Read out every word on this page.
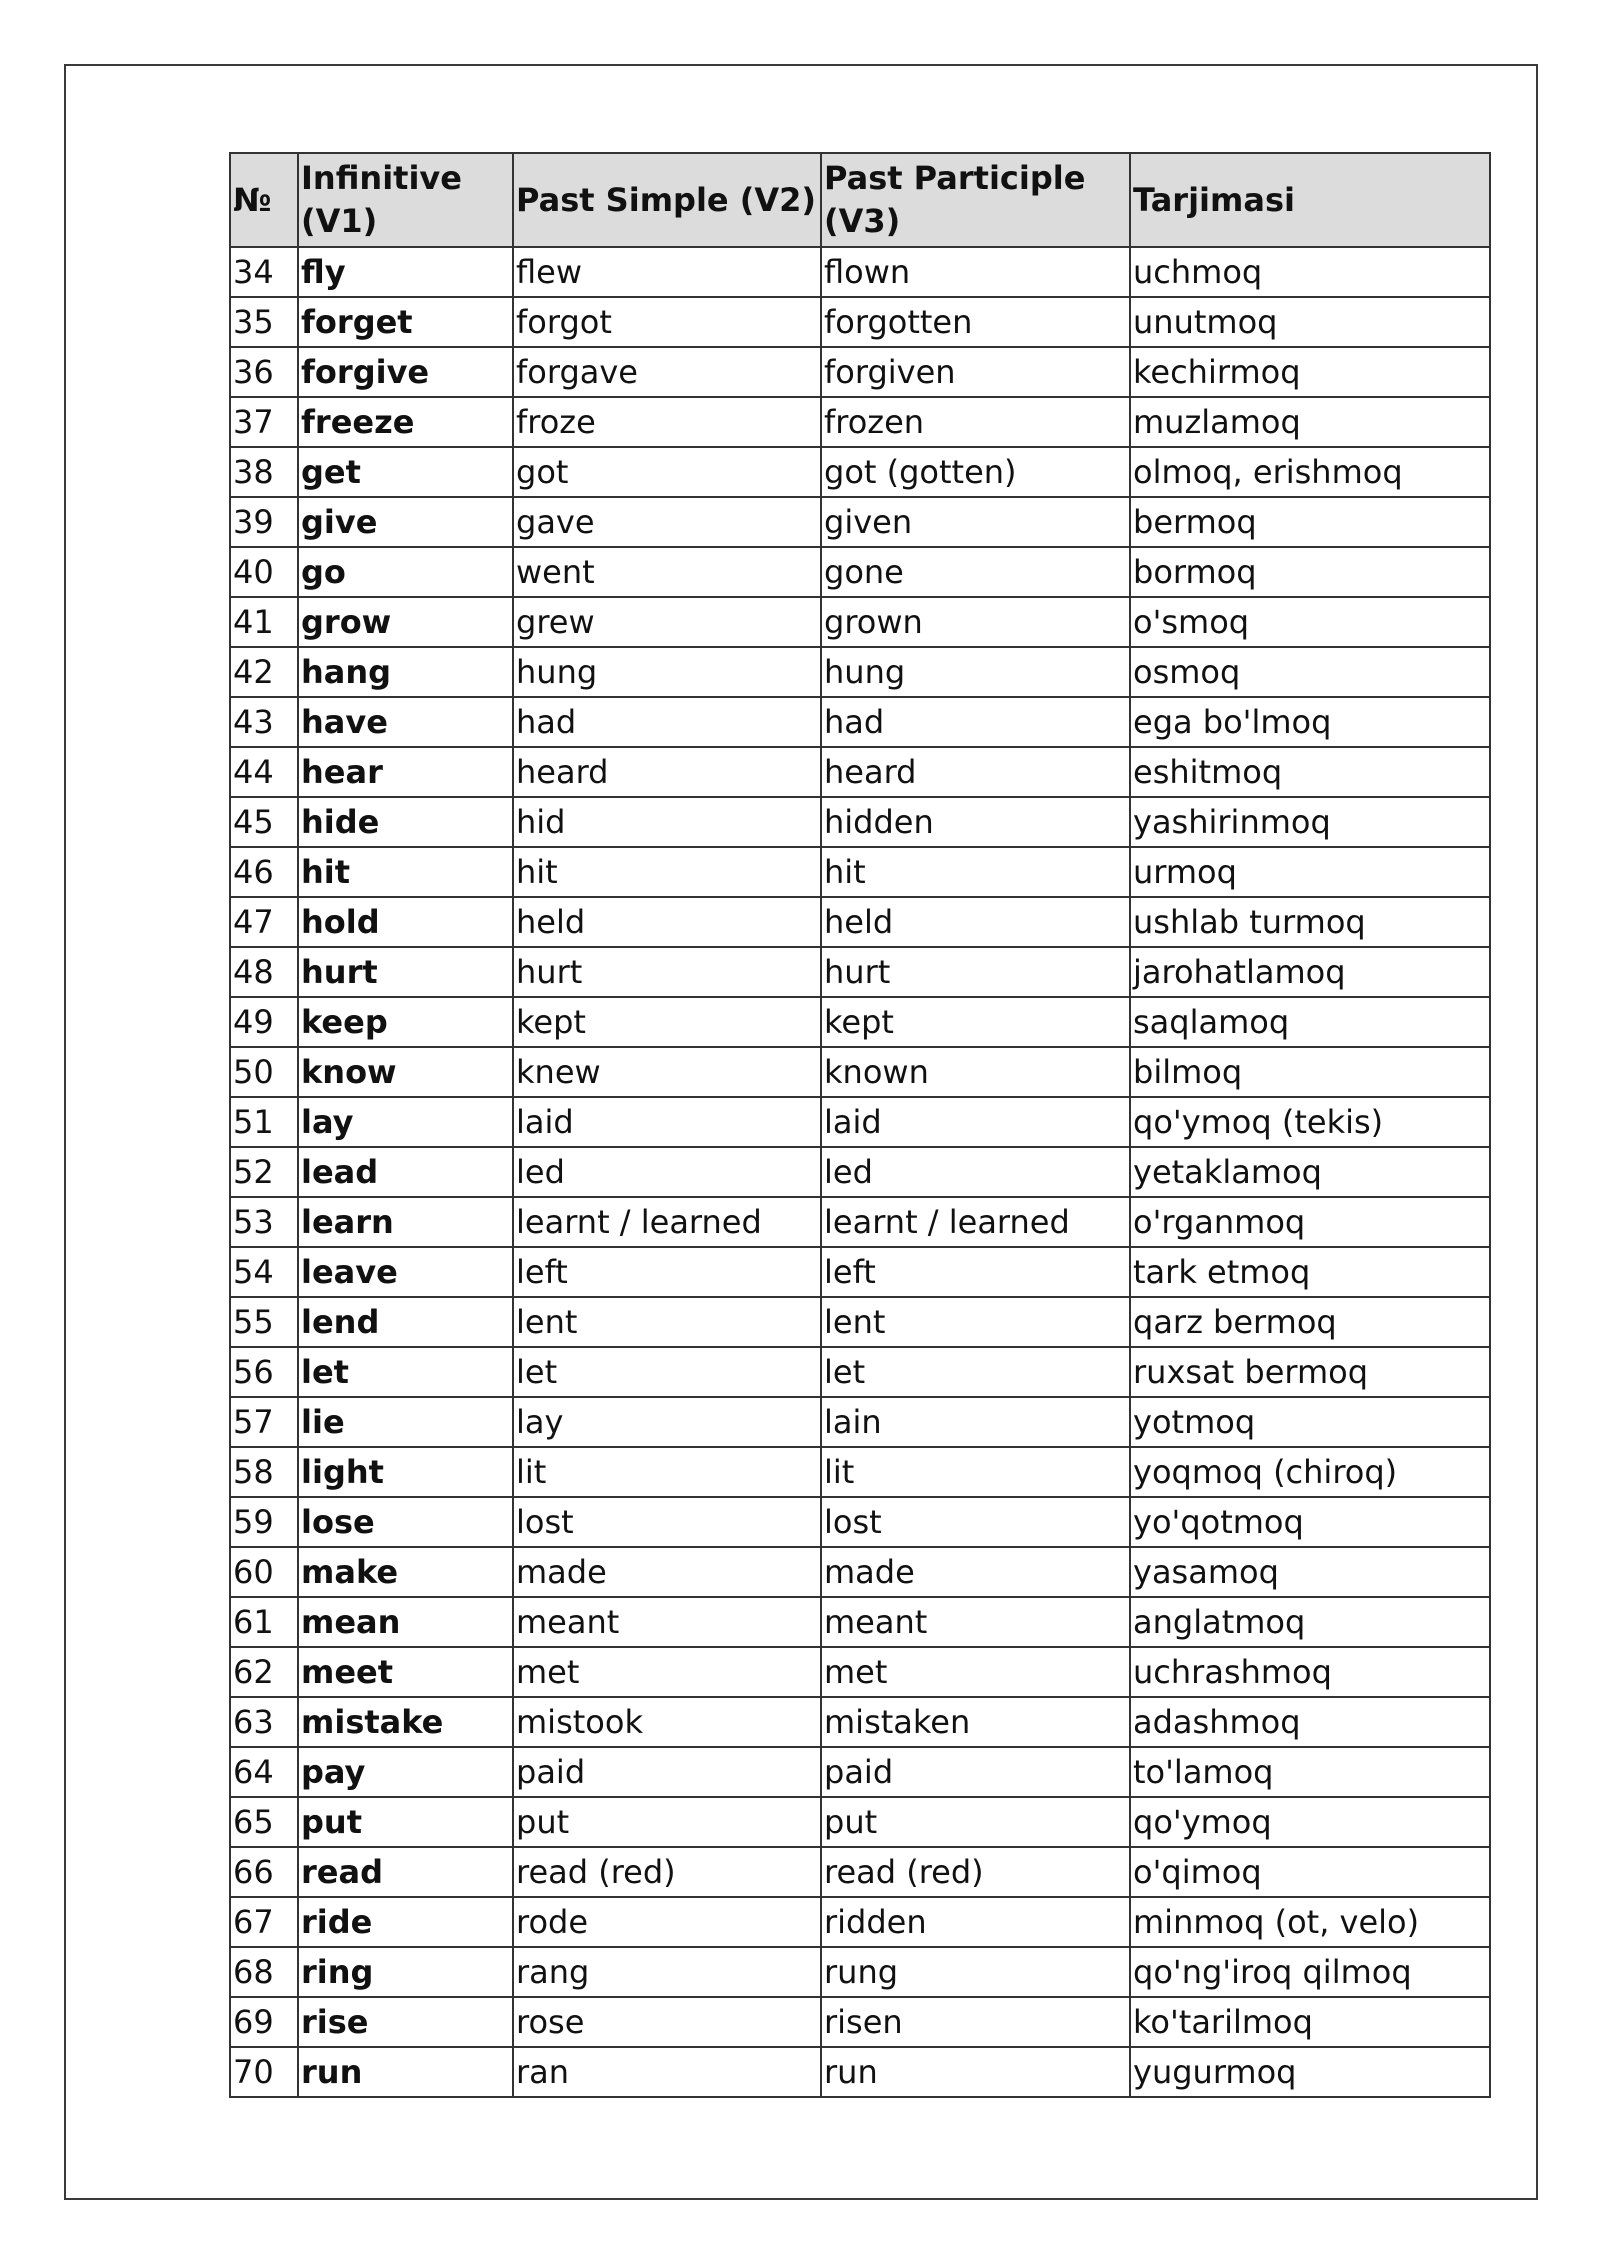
№	Infinitive (V1)	Past Simple (V2)	Past Participle (V3)	Tarjimasi
34	fly	flew	flown	uchmoq
35	forget	forgot	forgotten	unutmoq
36	forgive	forgave	forgiven	kechirmoq
37	freeze	froze	frozen	muzlamoq
38	get	got	got (gotten)	olmoq, erishmoq
39	give	gave	given	bermoq
40	go	went	gone	bormoq
41	grow	grew	grown	o'smoq
42	hang	hung	hung	osmoq
43	have	had	had	ega bo'lmoq
44	hear	heard	heard	eshitmoq
45	hide	hid	hidden	yashirinmoq
46	hit	hit	hit	urmoq
47	hold	held	held	ushlab turmoq
48	hurt	hurt	hurt	jarohatlamoq
49	keep	kept	kept	saqlamoq
50	know	knew	known	bilmoq
51	lay	laid	laid	qo'ymoq (tekis)
52	lead	led	led	yetaklamoq
53	learn	learnt / learned	learnt / learned	o'rganmoq
54	leave	left	left	tark etmoq
55	lend	lent	lent	qarz bermoq
56	let	let	let	ruxsat bermoq
57	lie	lay	lain	yotmoq
58	light	lit	lit	yoqmoq (chiroq)
59	lose	lost	lost	yo'qotmoq
60	make	made	made	yasamoq
61	mean	meant	meant	anglatmoq
62	meet	met	met	uchrashmoq
63	mistake	mistook	mistaken	adashmoq
64	pay	paid	paid	to'lamoq
65	put	put	put	qo'ymoq
66	read	read (red)	read (red)	o'qimoq
67	ride	rode	ridden	minmoq (ot, velo)
68	ring	rang	rung	qo'ng'iroq qilmoq
69	rise	rose	risen	ko'tarilmoq
70	run	ran	run	yugurmoq
